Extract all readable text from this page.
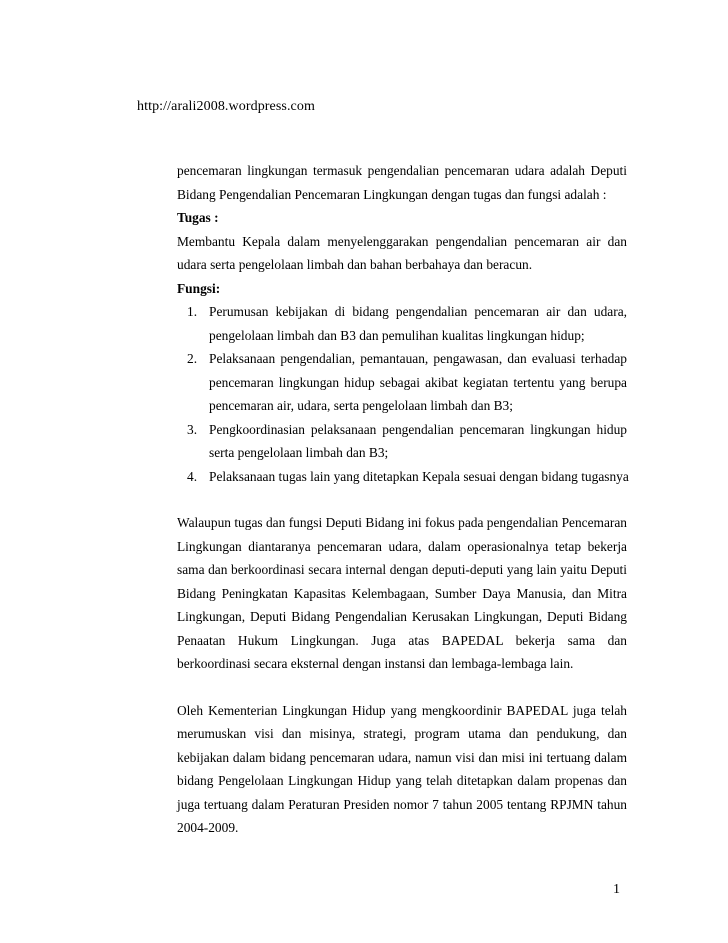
http://arali2008.wordpress.com

pencemaran lingkungan termasuk pengendalian pencemaran udara adalah Deputi Bidang Pengendalian Pencemaran Lingkungan dengan tugas dan fungsi adalah :

Tugas :

Membantu Kepala dalam menyelenggarakan pengendalian pencemaran air dan udara serta pengelolaan limbah dan bahan berbahaya dan beracun.

Fungsi:

1. Perumusan kebijakan di bidang pengendalian pencemaran air dan udara, pengelolaan limbah dan B3 dan pemulihan kualitas lingkungan hidup;
2. Pelaksanaan pengendalian, pemantauan, pengawasan, dan evaluasi terhadap pencemaran lingkungan hidup sebagai akibat kegiatan tertentu yang berupa pencemaran air, udara, serta pengelolaan limbah dan B3;
3. Pengkoordinasian pelaksanaan pengendalian pencemaran lingkungan hidup serta pengelolaan limbah dan B3;
4. Pelaksanaan tugas lain yang ditetapkan Kepala sesuai dengan bidang tugasnya

Walaupun tugas dan fungsi Deputi Bidang ini fokus pada pengendalian Pencemaran Lingkungan diantaranya pencemaran udara, dalam operasionalnya tetap bekerja sama dan berkoordinasi secara internal dengan deputi-deputi yang lain yaitu Deputi Bidang Peningkatan Kapasitas Kelembagaan, Sumber Daya Manusia, dan Mitra Lingkungan, Deputi Bidang Pengendalian Kerusakan Lingkungan, Deputi Bidang Penaatan Hukum Lingkungan. Juga atas BAPEDAL bekerja sama dan berkoordinasi secara eksternal dengan instansi dan lembaga-lembaga lain.

Oleh Kementerian Lingkungan Hidup yang mengkoordinir BAPEDAL juga telah merumuskan visi dan misinya, strategi, program utama dan pendukung, dan kebijakan dalam bidang pencemaran udara, namun visi dan misi ini tertuang dalam bidang Pengelolaan Lingkungan Hidup yang telah ditetapkan dalam propenas dan juga tertuang dalam Peraturan Presiden nomor 7 tahun 2005 tentang RPJMN tahun 2004-2009.

1
